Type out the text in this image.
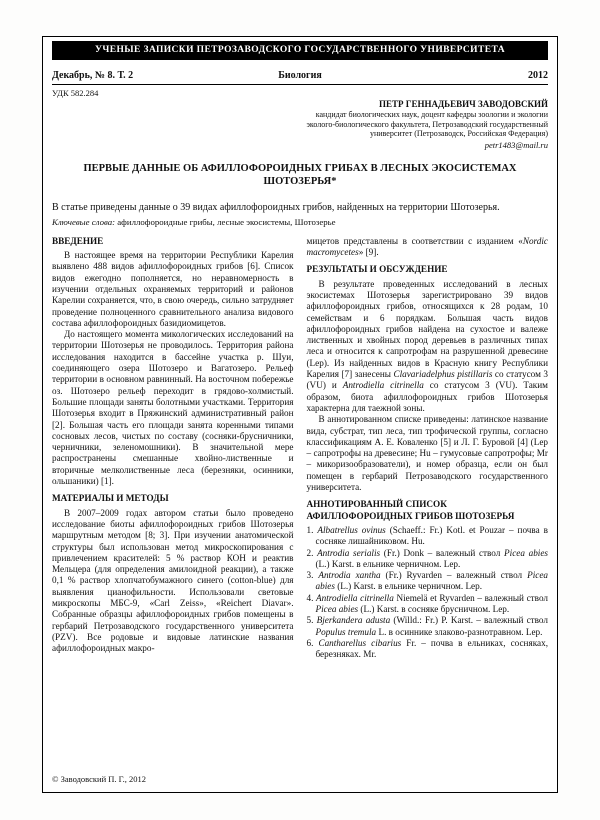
УЧЕНЫЕ ЗАПИСКИ ПЕТРОЗАВОДСКОГО ГОСУДАРСТВЕННОГО УНИВЕРСИТЕТА
Декабрь, № 8. Т. 2	Биология	2012
УДК 582.284
ПЕТР ГЕННАДЬЕВИЧ ЗАВОДОВСКИЙ
кандидат биологических наук, доцент кафедры зоологии и экологии эколого-биологического факультета, Петрозаводский государственный университет (Петрозаводск, Российская Федерация)
petr1483@mail.ru
ПЕРВЫЕ ДАННЫЕ ОБ АФИЛЛОФОРОИДНЫХ ГРИБАХ В ЛЕСНЫХ ЭКОСИСТЕМАХ ШОТОЗЕРЬЯ*

В статье приведены данные о 39 видах афиллофороидных грибов, найденных на территории Шотозерья.

Ключевые слова: афиллофороидные грибы, лесные экосистемы, Шотозерье

ВВЕДЕНИЕ

В настоящее время на территории Республики Карелия выявлено 488 видов афиллофороидных грибов [6]. Список видов ежегодно пополняется, но неравномерность в изучении отдельных охраняемых территорий и районов Карелии сохраняется, что, в свою очередь, сильно затрудняет проведение полноценного сравнительного анализа видового состава афиллофороидных базидиомицетов.

До настоящего момента микологических исследований на территории Шотозерья не проводилось. Территория района исследования находится в бассейне участка р. Шуи, соединяющего озера Шотозеро и Вагатозеро. Рельеф территории в основном равнинный. На восточном побережье оз. Шотозеро рельеф переходит в грядово-холмистый. Большие площади заняты болотными участками. Территория Шотозерья входит в Пряжинский административный район [2]. Большая часть его площади занята коренными типами сосновых лесов, чистых по составу (сосняки-брусничники, черничники, зеленомошники). В значительной мере распространены смешанные хвойно-лиственные и вторичные мелколиственные леса (березняки, осинники, ольшаники) [1].

МАТЕРИАЛЫ И МЕТОДЫ

В 2007–2009 годах автором статьи было проведено исследование биоты афиллофороидных грибов Шотозерья маршрутным методом [8; 3]. При изучении анатомической структуры был использован метод микроскопирования с привлечением красителей: 5 % раствор КОН и реактив Мельцера (для определения амилоидной реакции), а также 0,1 % раствор хлопчатобумажного синего (cotton-blue) для выявления цианофильности. Использовали световые микроскопы МБС-9, «Carl Zeiss», «Reichert Diavar». Собранные образцы афиллофороидных грибов помещены в гербарий Петрозаводского государственного университета (PZV). Все родовые и видовые латинские названия афиллофороидных макро-

мицетов представлены в соответствии с изданием «Nordic macromycetes» [9].

РЕЗУЛЬТАТЫ И ОБСУЖДЕНИЕ

В результате проведенных исследований в лесных экосистемах Шотозерья зарегистрировано 39 видов афиллофороидных грибов, относящихся к 28 родам, 10 семействам и 6 порядкам. Большая часть видов афиллофороидных грибов найдена на сухостое и валеже лиственных и хвойных пород деревьев в различных типах леса и относится к сапротрофам на разрушенной древесине (Lep). Из найденных видов в Красную книгу Республики Карелия [7] занесены Clavariadelphus pistillaris со статусом 3 (VU) и Antrodiella citrinella со статусом 3 (VU). Таким образом, биота афиллофороидных грибов Шотозерья характерна для таежной зоны.

В аннотированном списке приведены: латинское название вида, субстрат, тип леса, тип трофической группы, согласно классификациям А. Е. Коваленко [5] и Л. Г. Буровой [4] (Lep – сапротрофы на древесине; Hu – гумусовые сапротрофы; Mr – микоризообразователи), и номер образца, если он был помещен в гербарий Петрозаводского государственного университета.

АННОТИРОВАННЫЙ СПИСОК АФИЛЛОФОРОИДНЫХ ГРИБОВ ШОТОЗЕРЬЯ
1. Albatrellus ovinus (Schaeff.: Fr.) Kotl. et Pouzar – почва в сосняке лишайниковом. Hu.
2. Antrodia serialis (Fr.) Donk – валежный ствол Picea abies (L.) Karst. в ельнике черничном. Lep.
3. Antrodia xantha (Fr.) Ryvarden – валежный ствол Picea abies (L.) Karst. в ельнике черничном. Lep.
4. Antrodiella citrinella Niemelä et Ryvarden – валежный ствол Picea abies (L.) Karst. в сосняке брусничном. Lep.
5. Bjerkandera adusta (Willd.: Fr.) P. Karst. – валежный ствол Populus tremula L. в осиннике злаково-разнотравном. Lep.
6. Cantharellus cibarius Fr. – почва в ельниках, сосняках, березняках. Mr.
© Заводовский П. Г., 2012
